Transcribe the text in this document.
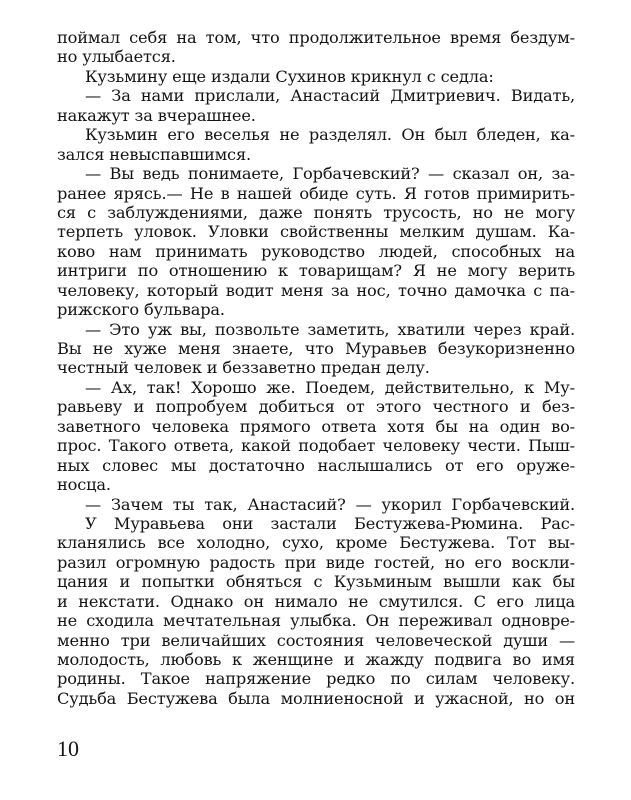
поймал себя на том, что продолжительное время бездум-
но улыбается.
Кузьмину еще издали Сухинов крикнул с седла:
— За нами прислали, Анастасий Дмитриевич. Видать,
накажут за вчерашнее.
Кузьмин его веселья не разделял. Он был бледен, ка-
зался невыспавшимся.
— Вы ведь понимаете, Горбачевский? — сказал он, за-
ранее ярясь.— Не в нашей обиде суть. Я готов примирить-
ся с заблуждениями, даже понять трусость, но не могу
терпеть уловок. Уловки свойственны мелким душам. Ка-
ково нам принимать руководство людей, способных на
интриги по отношению к товарищам? Я не могу верить
человеку, который водит меня за нос, точно дамочка с па-
рижского бульвара.
— Это уж вы, позвольте заметить, хватили через край.
Вы не хуже меня знаете, что Муравьев безукоризненно
честный человек и беззаветно предан делу.
— Ах, так! Хорошо же. Поедем, действительно, к Му-
равьеву и попробуем добиться от этого честного и без-
заветного человека прямого ответа хотя бы на один во-
прос. Такого ответа, какой подобает человеку чести. Пыш-
ных словес мы достаточно наслышались от его оруже-
носца.
— Зачем ты так, Анастасий? — укорил Горбачевский.
У Муравьева они застали Бестужева-Рюмина. Рас-
кланялись все холодно, сухо, кроме Бестужева. Тот вы-
разил огромную радость при виде гостей, но его воскли-
цания и попытки обняться с Кузьминым вышли как бы
и некстати. Однако он нимало не смутился. С его лица
не сходила мечтательная улыбка. Он переживал одновре-
менно три величайших состояния человеческой души —
молодость, любовь к женщине и жажду подвига во имя
родины. Такое напряжение редко по силам человеку.
Судьба Бестужева была молниеносной и ужасной, но он
10
